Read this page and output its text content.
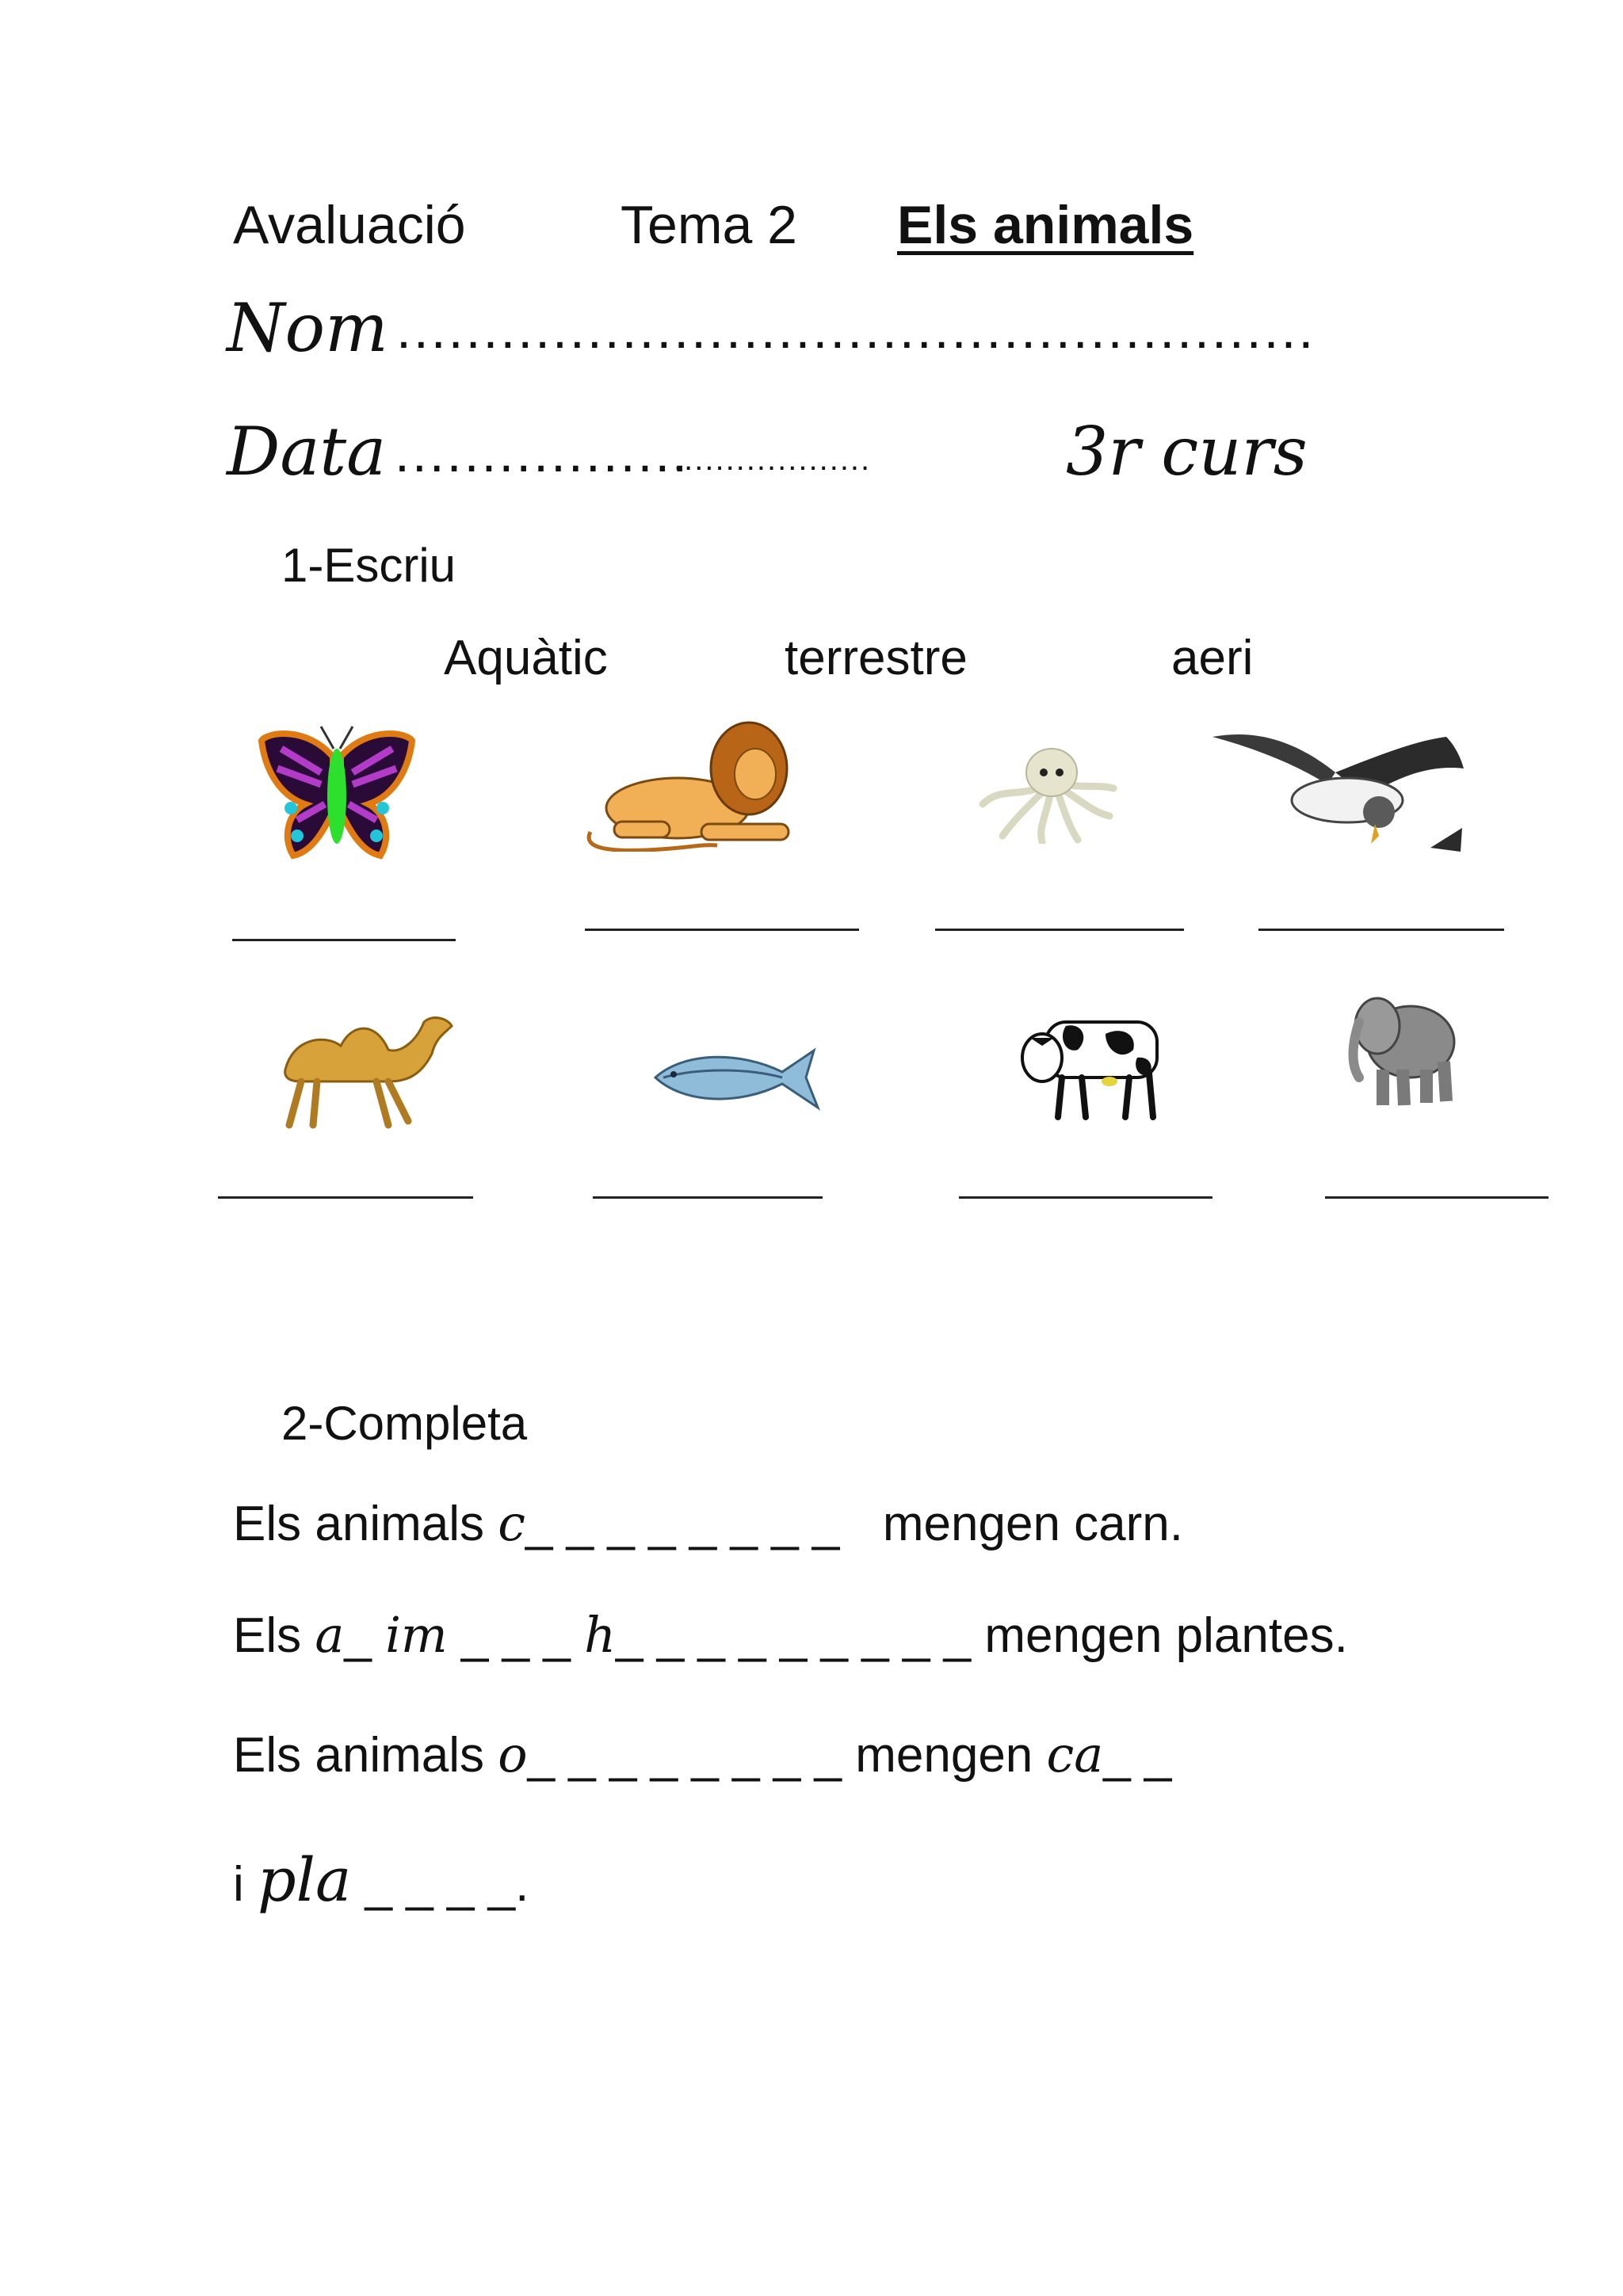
Avaluació	Tema 2 Els animals
Nom .....................................................
Data .................
...................	3r curs
1-Escriu
Aquàtic	terrestre	aeri
2-Completa
Els animals c_ _ _ _ _ _ _ _ mengen carn.
Els a_ im _ _ _ h_ _ _ _ _ _ _ _ _ mengen plantes.
Els animals o_ _ _ _ _ _ _ _ mengen ca_ _
i pla _ _ _ _.
